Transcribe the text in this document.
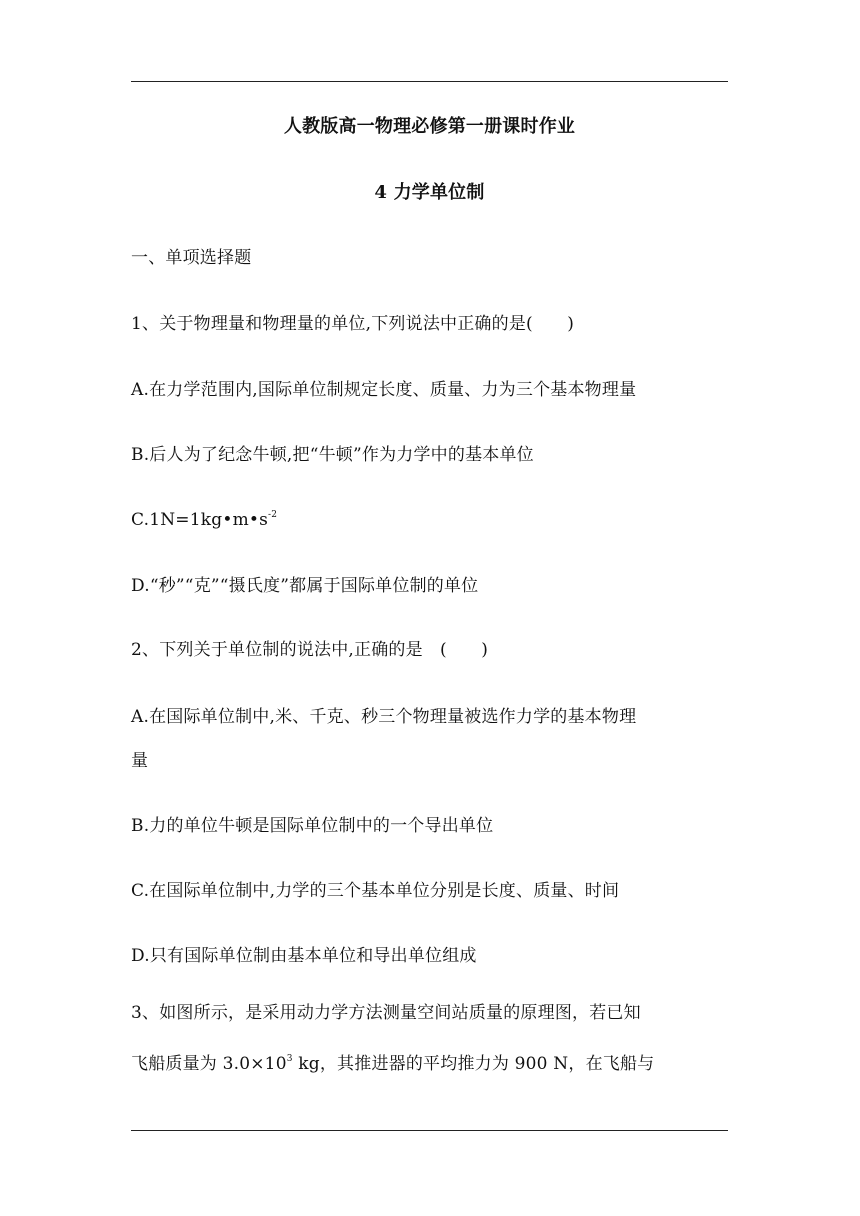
人教版高一物理必修第一册课时作业
4 力学单位制
一、单项选择题
1、关于物理量和物理量的单位,下列说法中正确的是(　　)
A.在力学范围内,国际单位制规定长度、质量、力为三个基本物理量
B.后人为了纪念牛顿,把“牛顿”作为力学中的基本单位
$C.1N=1kg•m•s^{-2}$
D.“秒”“克”“摄氏度”都属于国际单位制的单位
2、下列关于单位制的说法中,正确的是　(　　)
A.在国际单位制中,米、千克、秒三个物理量被选作力学的基本物理
量
B.力的单位牛顿是国际单位制中的一个导出单位
C.在国际单位制中,力学的三个基本单位分别是长度、质量、时间
D.只有国际单位制由基本单位和导出单位组成
3、如图所示，是采用动力学方法测量空间站质量的原理图，若已知
飞船质量为 $3.0\times 10^3$ kg，其推进器的平均推力为 900 N，在飞船与
